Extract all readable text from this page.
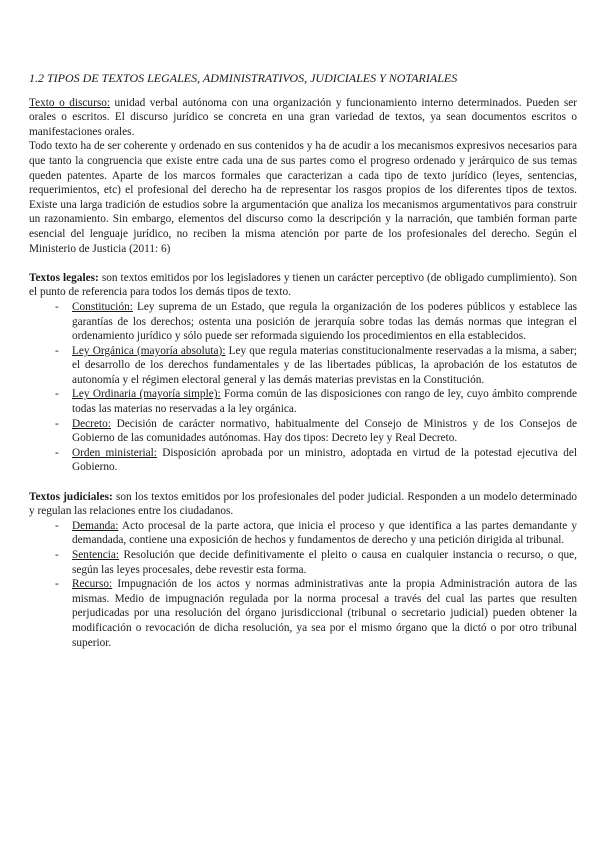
1.2 TIPOS DE TEXTOS LEGALES, ADMINISTRATIVOS, JUDICIALES Y NOTARIALES

Texto o discurso: unidad verbal autónoma con una organización y funcionamiento interno determinados. Pueden ser orales o escritos. El discurso jurídico se concreta en una gran variedad de textos, ya sean documentos escritos o manifestaciones orales.

Todo texto ha de ser coherente y ordenado en sus contenidos y ha de acudir a los mecanismos expresivos necesarios para que tanto la congruencia que existe entre cada una de sus partes como el progreso ordenado y jerárquico de sus temas queden patentes. Aparte de los marcos formales que caracterizan a cada tipo de texto jurídico (leyes, sentencias, requerimientos, etc) el profesional del derecho ha de representar los rasgos propios de los diferentes tipos de textos. Existe una larga tradición de estudios sobre la argumentación que analiza los mecanismos argumentativos para construir un razonamiento. Sin embargo, elementos del discurso como la descripción y la narración, que también forman parte esencial del lenguaje jurídico, no reciben la misma atención por parte de los profesionales del derecho. Según el Ministerio de Justicia (2011: 6)

Textos legales: son textos emitidos por los legisladores y tienen un carácter perceptivo (de obligado cumplimiento). Son el punto de referencia para todos los demás tipos de texto.

- Constitución: Ley suprema de un Estado, que regula la organización de los poderes públicos y establece las garantías de los derechos; ostenta una posición de jerarquía sobre todas las demás normas que integran el ordenamiento jurídico y sólo puede ser reformada siguiendo los procedimientos en ella establecidos.
- Ley Orgánica (mayoría absoluta): Ley que regula materias constitucionalmente reservadas a la misma, a saber; el desarrollo de los derechos fundamentales y de las libertades públicas, la aprobación de los estatutos de autonomía y el régimen electoral general y las demás materias previstas en la Constitución.
- Ley Ordinaria (mayoría simple): Forma común de las disposiciones con rango de ley, cuyo ámbito comprende todas las materias no reservadas a la ley orgánica.
- Decreto: Decisión de carácter normativo, habitualmente del Consejo de Ministros y de los Consejos de Gobierno de las comunidades autónomas. Hay dos tipos: Decreto ley y Real Decreto.
- Orden ministerial: Disposición aprobada por un ministro, adoptada en virtud de la potestad ejecutiva del Gobierno.

Textos judiciales: son los textos emitidos por los profesionales del poder judicial. Responden a un modelo determinado y regulan las relaciones entre los ciudadanos.

- Demanda: Acto procesal de la parte actora, que inicia el proceso y que identifica a las partes demandante y demandada, contiene una exposición de hechos y fundamentos de derecho y una petición dirigida al tribunal.
- Sentencia: Resolución que decide definitivamente el pleito o causa en cualquier instancia o recurso, o que, según las leyes procesales, debe revestir esta forma.
- Recurso: Impugnación de los actos y normas administrativas ante la propia Administración autora de las mismas. Medio de impugnación regulada por la norma procesal a través del cual las partes que resulten perjudicadas por una resolución del órgano jurisdiccional (tribunal o secretario judicial) pueden obtener la modificación o revocación de dicha resolución, ya sea por el mismo órgano que la dictó o por otro tribunal superior.
